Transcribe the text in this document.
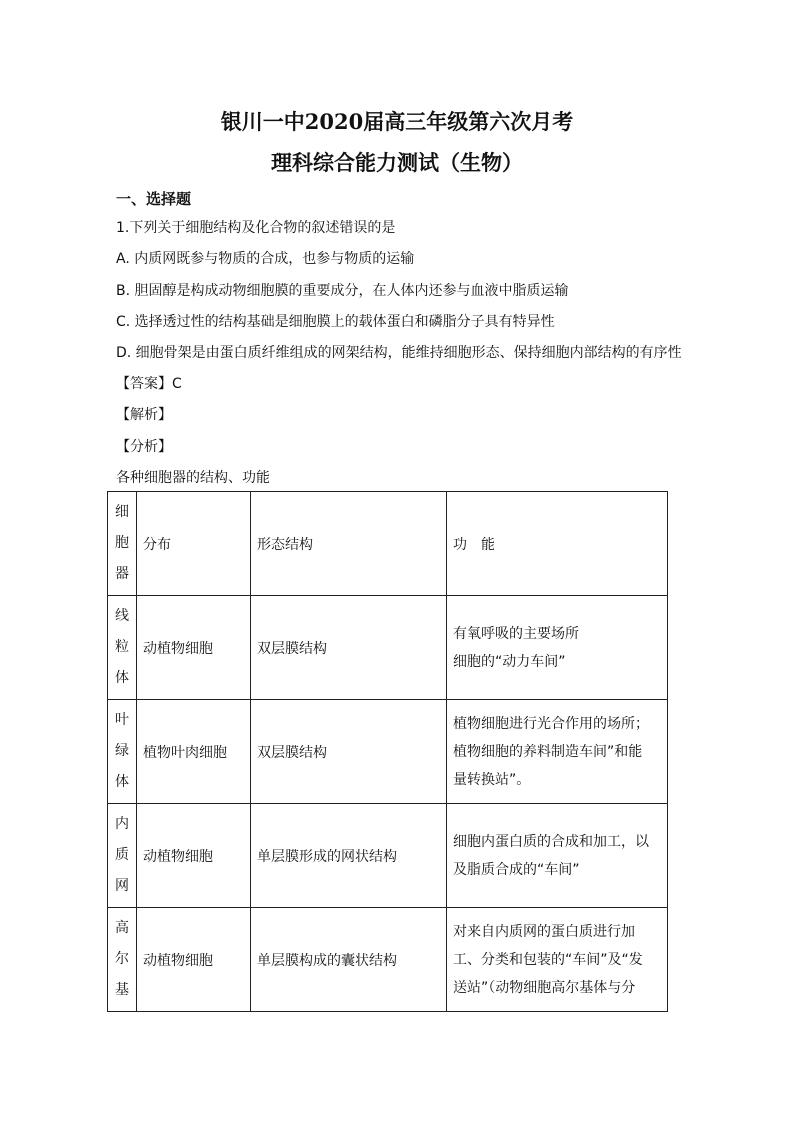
银川一中2020届高三年级第六次月考
理科综合能力测试（生物）

一、选择题

1.下列关于细胞结构及化合物的叙述错误的是

A. 内质网既参与物质的合成，也参与物质的运输

B. 胆固醇是构成动物细胞膜的重要成分，在人体内还参与血液中脂质运输

C. 选择透过性的结构基础是细胞膜上的载体蛋白和磷脂分子具有特异性

D. 细胞骨架是由蛋白质纤维组成的网架结构，能维持细胞形态、保持细胞内部结构的有序性

【答案】C

【解析】

【分析】

各种细胞器的结构、功能

细胞器	分布	形态结构	功　能
线粒体	动植物细胞	双层膜结构	有氧呼吸的主要场所
细胞的“动力车间”

叶绿体	植物叶肉细胞	双层膜结构	植物细胞进行光合作用的场所；
植物细胞的养料制造车间”和能
量转换站”。

内质网	动植物细胞	单层膜形成的网状结构	细胞内蛋白质的合成和加工，以
及脂质合成的“车间”

高尔基	动植物细胞	单层膜构成的囊状结构	对来自内质网的蛋白质进行加
工、分类和包装的“车间”及“发
送站”（动物细胞高尔基体与分
